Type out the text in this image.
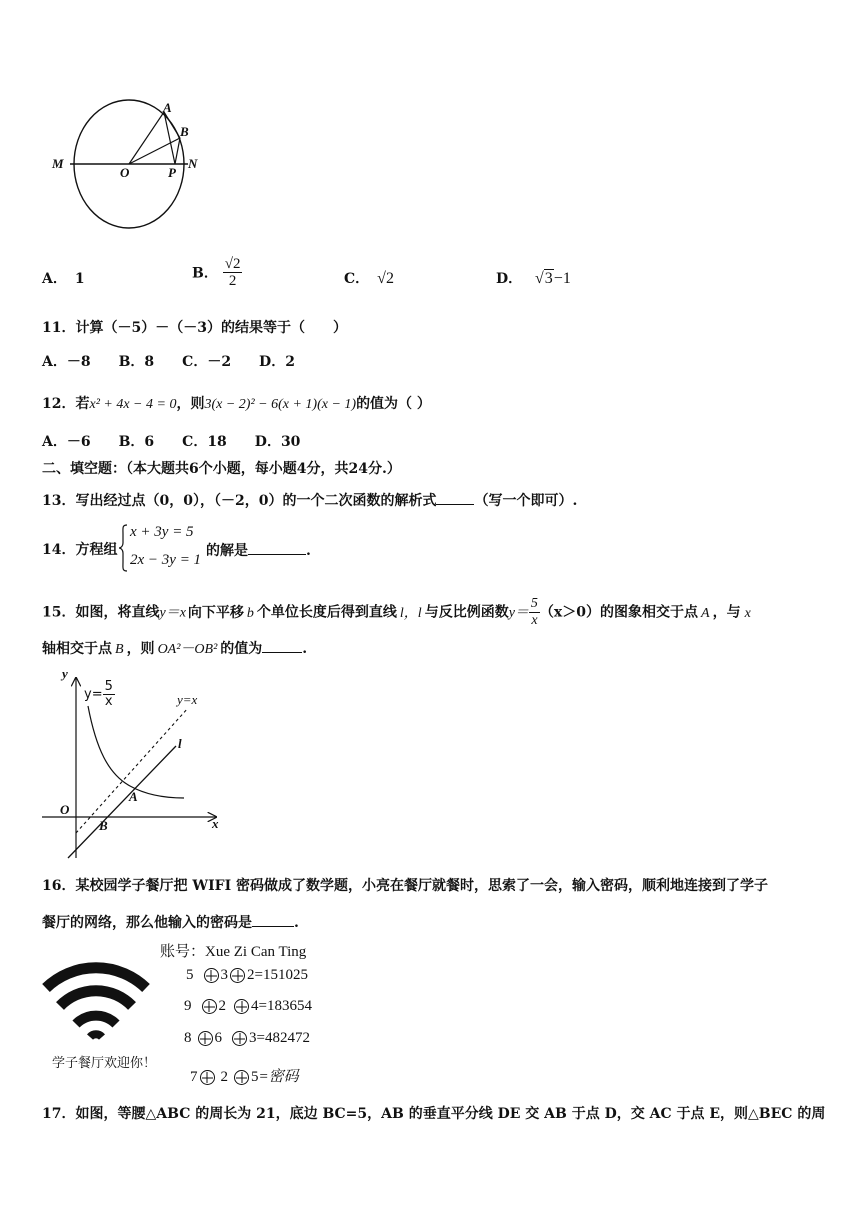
M
O	P
N
A
B
A． 1	B． $\frac{√2}{2}$	C． √2	D． √3−1
11．计算（－5）－（－3）的结果等于（　　）
A．－8　　B．8　　C．－2　　D．2
12．若x² + 4x − 4 = 0，则3(x − 2)² − 6(x + 1)(x − 1)的值为（ ）
A．－6　　B．6　　C．18　　D．30
二、填空题：（本大题共6个小题，每小题4分，共24分.）
13．写出经过点（0，0），（－2，0）的一个二次函数的解析式	（写一个即可）.
14．方程组
x + 3y = 5
2x − 3y = 1
的解是	.
15．如图，将直线y＝x 向下平移 b 个单位长度后得到直线 l，l 与反比例函数$y= \frac{5}{x} (x>0)$的图象相交于点 A ，与 x
轴相交于点 B ，则 OA²－OB² 的值为	.
y
x
O
B
A
y=x
l
$y= \frac{5}{x}$
16．某校园学子餐厅把 WIFI 密码做成了数学题，小亮在餐厅就餐时，思索了一会，输入密码，顺利地连接到了学子
餐厅的网络，那么他输入的密码是	.
学子餐厅欢迎你！
账号：Xue Zi Can Ting
5 3 2=151025
9 2 4=183654
8 6 3=482472
7 2 5=密码
17．如图，等腰△ABC 的周长为 21，底边 BC=5，AB 的垂直平分线 DE 交 AB 于点 D，交 AC 于点 E，则△BEC 的周
